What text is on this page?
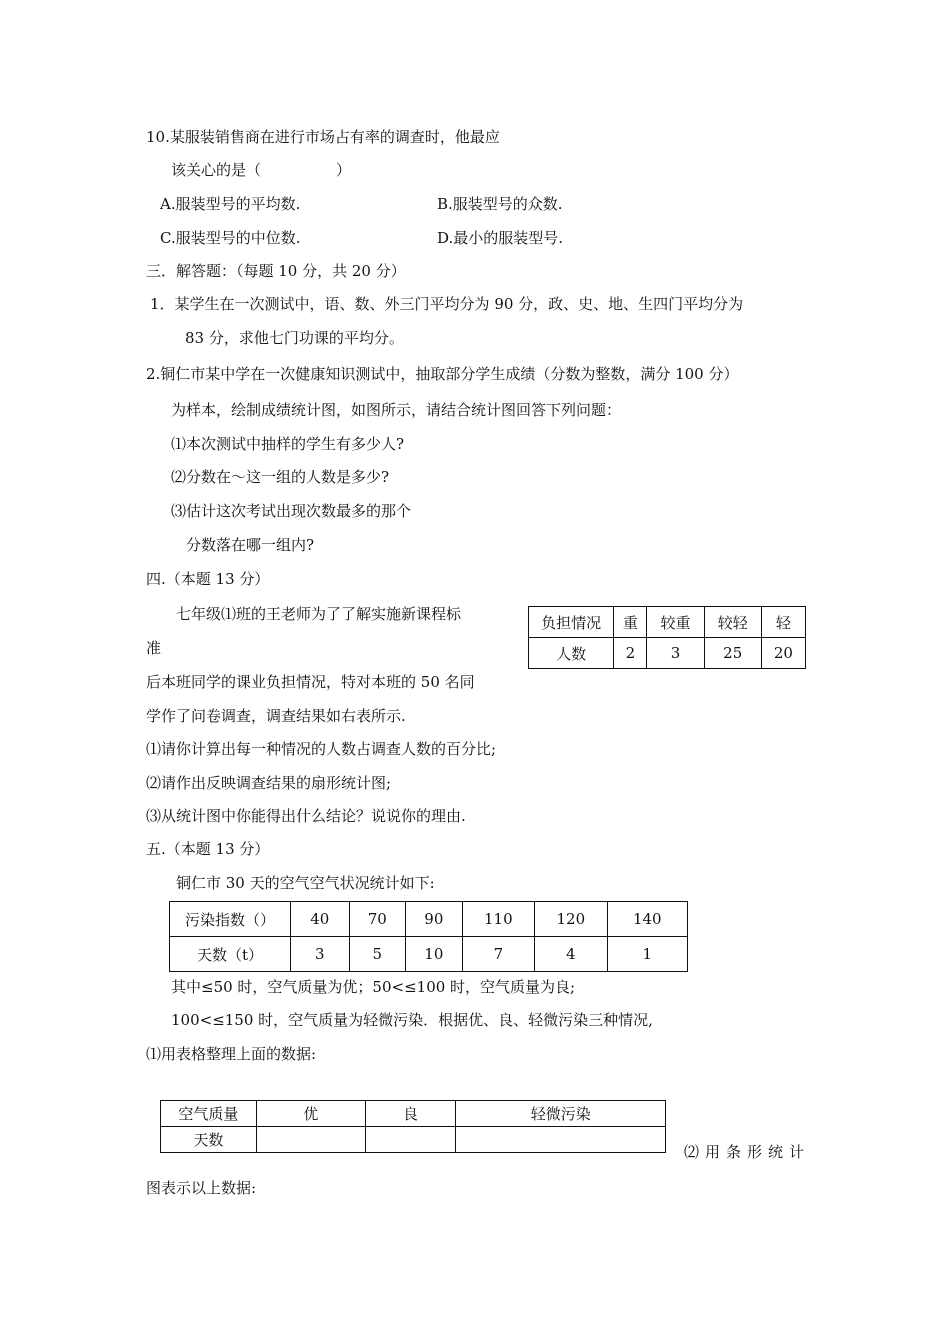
10.某服装销售商在进行市场占有率的调查时，他最应
该关心的是（　　　　　）
A.服装型号的平均数.	B.服装型号的众数.
C.服装型号的中位数.	D.最小的服装型号.
三．解答题：（每题 10 分，共 20 分）
1．某学生在一次测试中，语、数、外三门平均分为 90 分，政、史、地、生四门平均分为
83 分，求他七门功课的平均分。
2.铜仁市某中学在一次健康知识测试中，抽取部分学生成绩（分数为整数，满分 100 分）
为样本，绘制成绩统计图，如图所示，请结合统计图回答下列问题：
⑴本次测试中抽样的学生有多少人?
⑵分数在～这一组的人数是多少?
⑶估计这次考试出现次数最多的那个
分数落在哪一组内?
四.（本题 13 分）
七年级⑴班的王老师为了了解实施新课程标
准
后本班同学的课业负担情况，特对本班的 50 名同
学作了问卷调查，调查结果如右表所示.
⑴请你计算出每一种情况的人数占调查人数的百分比;
⑵请作出反映调查结果的扇形统计图;
⑶从统计图中你能得出什么结论？说说你的理由.
负担情况	重	较重	较轻	轻
人数	2	3	25	20
五.（本题 13 分）
铜仁市 30 天的空气空气状况统计如下:
污染指数（）	40	70	90	110	120	140
天数（t）	3	5	10	7	4	1
其中≤50 时，空气质量为优；50<≤100 时，空气质量为良;
100<≤150 时，空气质量为轻微污染．根据优、良、轻微污染三种情况,
⑴用表格整理上面的数据:
空气质量	优	良	轻微污染
天数			
⑵用条形统计
图表示以上数据:
